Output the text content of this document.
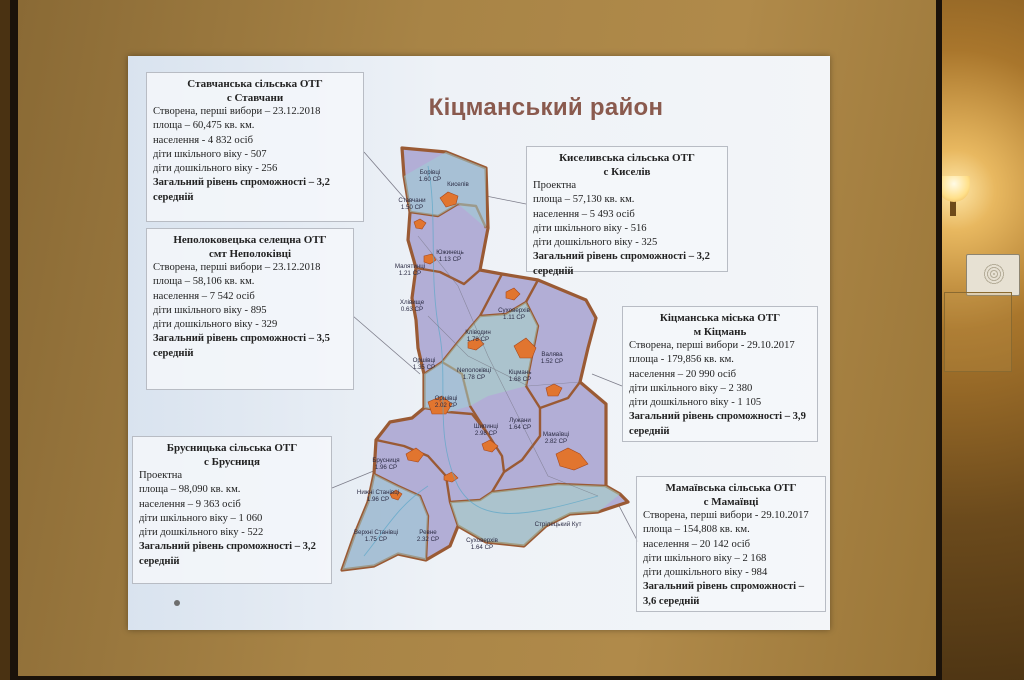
Борівці 1.60 СР
Киселів
Ставчани 1.50 СР
Южинець 1.13 СР
Малятинці 1.21 СР
Хлівище 0.63 СР	Суховерхів 1.11 СР
Кліводин 1.78 СР
Валява 1.52 СР
Оршівці 1.35 СР	Neполоківці 1.78 СР
Кіцмань 1.68 СР
Оршівці 2.02 СР
Шипинці 2.98 СР
Лужани 1.64 СР
Мамаївці 2.82 СР
Брусниця 1.96 СР
Нижні Станівці 1.96 СР
Ревне 2.32 СР	Суховерхів 1.64 СР
Стрілецький Кут
Верхні Станівці 1.75 СР
Кіцманський район
Ставчанська сільська ОТГ
с Ставчани
Створена, перші вибори – 23.12.2018
площа – 60,475 кв. км.
населення - 4 832 осіб
діти шкільного віку - 507
діти дошкільного віку - 256
Загальний рівень спроможності – 3,2 середній
Киселивська сільська ОТГ
с Киселів
Проектна
площа – 57,130 кв. км.
населення – 5 493 осіб
діти шкільного віку - 516
діти дошкільного віку - 325
Загальний рівень спроможності – 3,2 середній
Неполоковецька селещна ОТГ
смт Неполоківці
Створена, перші вибори – 23.12.2018
площа – 58,106 кв. км.
населення – 7 542 осіб
діти шкільного віку - 895
діти дошкільного віку - 329
Загальний рівень спроможності – 3,5 середній
Кіцманська міська ОТГ
м Кіцмань
Створена, перші вибори - 29.10.2017
площа - 179,856 кв. км.
населення – 20 990 осіб
діти шкільного віку – 2 380
діти дошкільного віку - 1 105
Загальний рівень спроможності – 3,9 середній
Брусницька сільська ОТГ
с Брусниця
Проектна
площа – 98,090 кв. км.
населення – 9 363 осіб
діти шкільного віку – 1 060
діти дошкільного віку - 522
Загальний рівень спроможності – 3,2 середній
Мамаївська сільська ОТГ
с Мамаївці
Створена, перші вибори - 29.10.2017
площа – 154,808 кв. км.
населення – 20 142 осіб
діти шкільного віку – 2 168
діти дошкільного віку - 984
Загальний рівень спроможності – 3,6 середній
